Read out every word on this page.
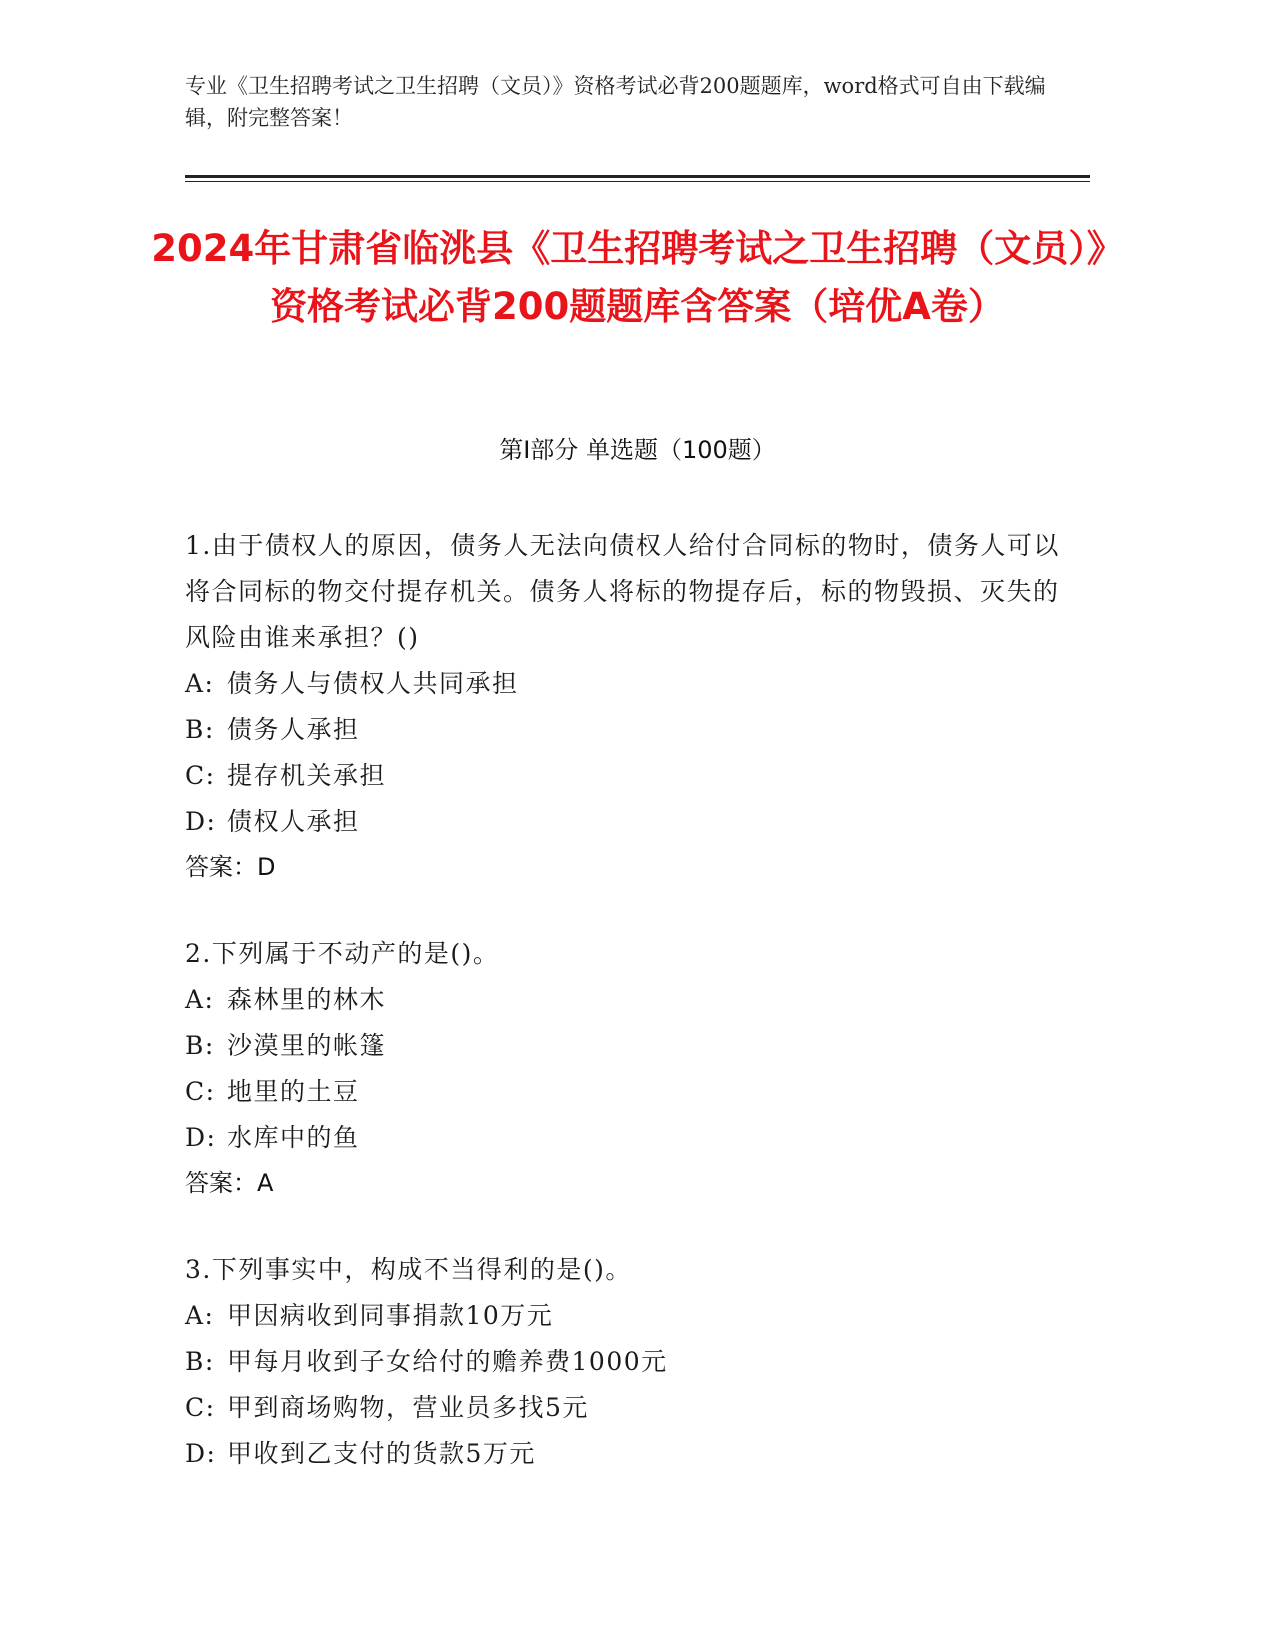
专业《卫生招聘考试之卫生招聘（文员）》资格考试必背200题题库，word格式可自由下载编辑，附完整答案！
2024年甘肃省临洮县《卫生招聘考试之卫生招聘（文员）》资格考试必背200题题库含答案（培优A卷）
第Ⅰ部分 单选题（100题）
1.由于债权人的原因，债务人无法向债权人给付合同标的物时，债务人可以将合同标的物交付提存机关。债务人将标的物提存后，标的物毁损、灭失的风险由谁来承担？()
A: 债务人与债权人共同承担
B: 债务人承担
C: 提存机关承担
D: 债权人承担
答案：D
2.下列属于不动产的是()。
A: 森林里的林木
B: 沙漠里的帐篷
C: 地里的土豆
D: 水库中的鱼
答案：A
3.下列事实中，构成不当得利的是()。
A: 甲因病收到同事捐款10万元
B: 甲每月收到子女给付的赡养费1000元
C: 甲到商场购物，营业员多找5元
D: 甲收到乙支付的货款5万元
